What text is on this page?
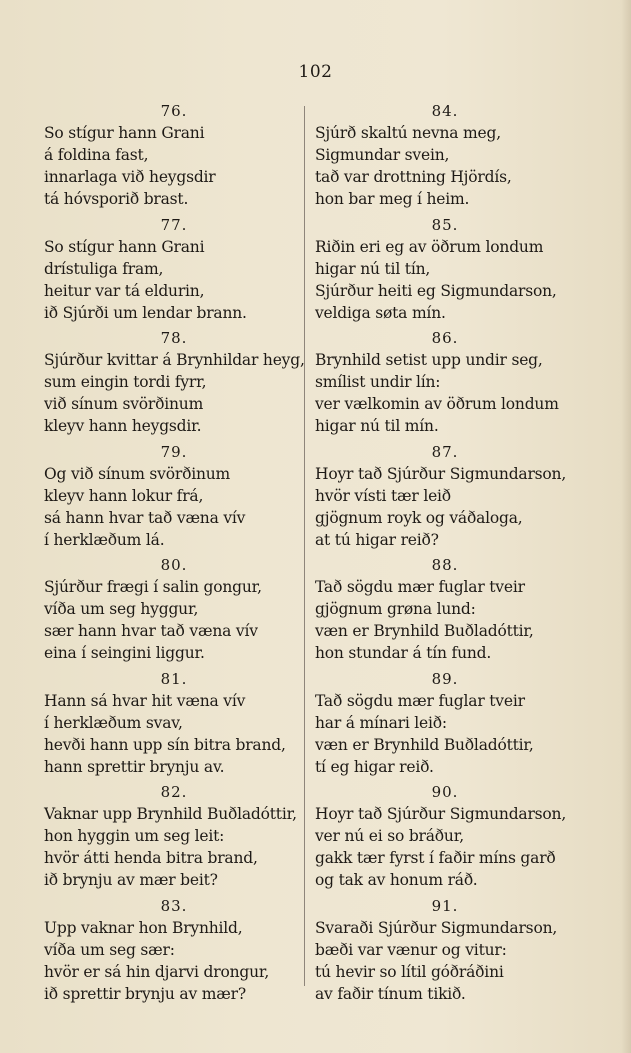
102
76.
So stígur hann Grani
á foldina fast,
innarlaga við heygsdir
tá hóvsporið brast.
77.
So stígur hann Grani
drístuliga fram,
heitur var tá eldurin,
ið Sjúrði um lendar brann.
78.
Sjúrður kvittar á Brynhildar heyg,
sum eingin tordi fyrr,
við sínum svörðinum
kleyv hann heygsdir.
79.
Og við sínum svörðinum
kleyv hann lokur frá,
sá hann hvar tað væna vív
í herklæðum lá.
80.
Sjúrður frægi í salin gongur,
víða um seg hyggur,
sær hann hvar tað væna vív
eina í seingini liggur.
81.
Hann sá hvar hit væna vív
í herklæðum svav,
hevði hann upp sín bitra brand,
hann sprettir brynju av.
82.
Vaknar upp Brynhild Buðladóttir,
hon hyggin um seg leit:
hvör átti henda bitra brand,
ið brynju av mær beit?
83.
Upp vaknar hon Brynhild,
víða um seg sær:
hvör er sá hin djarvi drongur,
ið sprettir brynju av mær?
84.
Sjúrð skaltú nevna meg,
Sigmundar svein,
tað var drottning Hjördís,
hon bar meg í heim.
85.
Riðin eri eg av öðrum londum
higar nú til tín,
Sjúrður heiti eg Sigmundarson,
veldiga søta mín.
86.
Brynhild setist upp undir seg,
smílist undir lín:
ver vælkomin av öðrum londum
higar nú til mín.
87.
Hoyr tað Sjúrður Sigmundarson,
hvör vísti tær leið
gjögnum royk og váðaloga,
at tú higar reið?
88.
Tað sögdu mær fuglar tveir
gjögnum grøna lund:
væn er Brynhild Buðladóttir,
hon stundar á tín fund.
89.
Tað sögdu mær fuglar tveir
har á mínari leið:
væn er Brynhild Buðladóttir,
tí eg higar reið.
90.
Hoyr tað Sjúrður Sigmundarson,
ver nú ei so bráður,
gakk tær fyrst í faðir míns garð
og tak av honum ráð.
91.
Svaraði Sjúrður Sigmundarson,
bæði var vænur og vitur:
tú hevir so lítil góðráðini
av faðir tínum tikið.
